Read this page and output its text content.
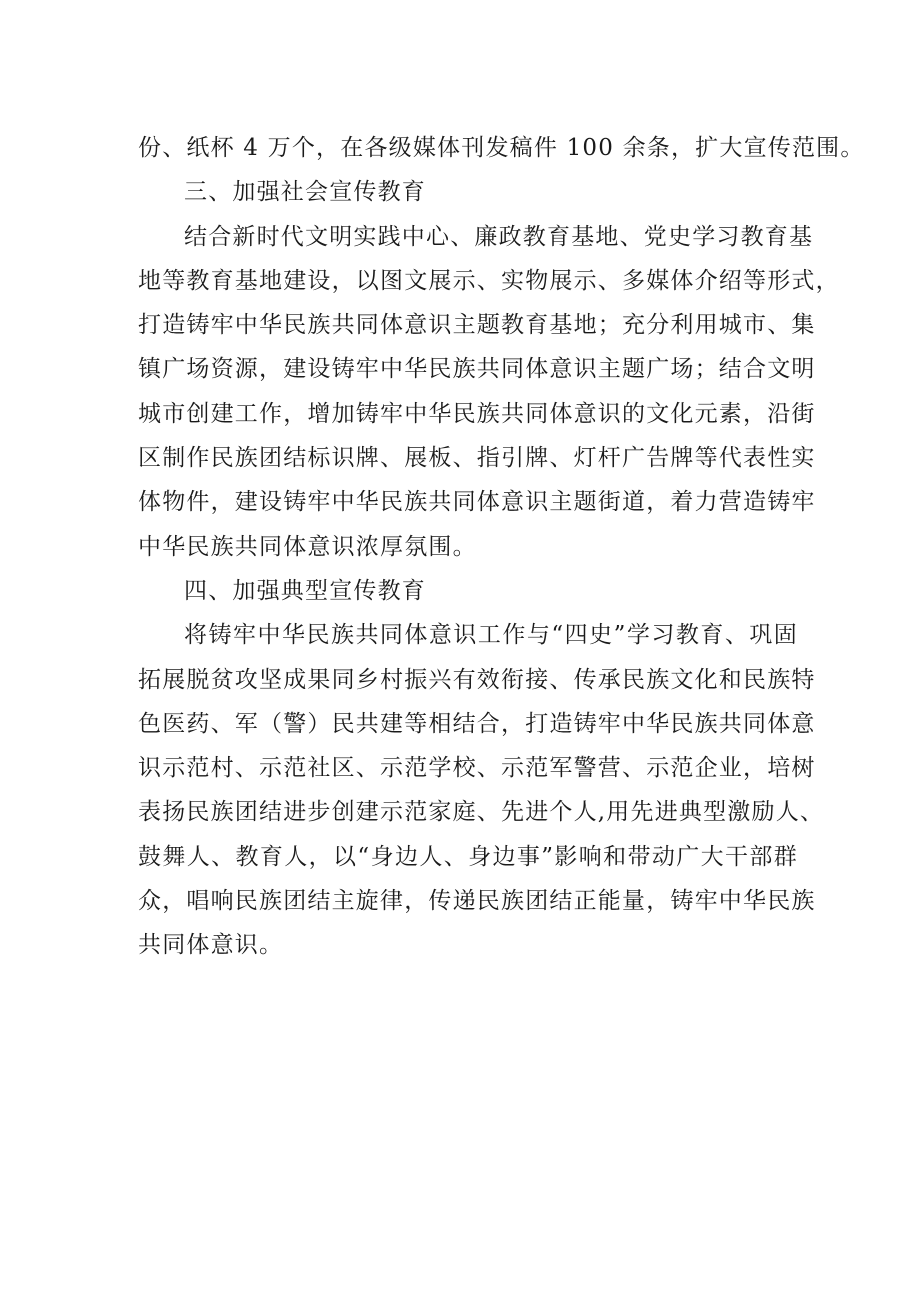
份、纸杯 4 万个，在各级媒体刊发稿件 100 余条，扩大宣传范围。
三、加强社会宣传教育
结合新时代文明实践中心、廉政教育基地、党史学习教育基
地等教育基地建设，以图文展示、实物展示、多媒体介绍等形式，
打造铸牢中华民族共同体意识主题教育基地；充分利用城市、集
镇广场资源，建设铸牢中华民族共同体意识主题广场；结合文明
城市创建工作，增加铸牢中华民族共同体意识的文化元素，沿街
区制作民族团结标识牌、展板、指引牌、灯杆广告牌等代表性实
体物件，建设铸牢中华民族共同体意识主题街道，着力营造铸牢
中华民族共同体意识浓厚氛围。
四、加强典型宣传教育
将铸牢中华民族共同体意识工作与“四史”学习教育、巩固
拓展脱贫攻坚成果同乡村振兴有效衔接、传承民族文化和民族特
色医药、军（警）民共建等相结合，打造铸牢中华民族共同体意
识示范村、示范社区、示范学校、示范军警营、示范企业，培树
表扬民族团结进步创建示范家庭、先进个人,用先进典型激励人、
鼓舞人、教育人，以“身边人、身边事”影响和带动广大干部群
众，唱响民族团结主旋律，传递民族团结正能量，铸牢中华民族
共同体意识。
